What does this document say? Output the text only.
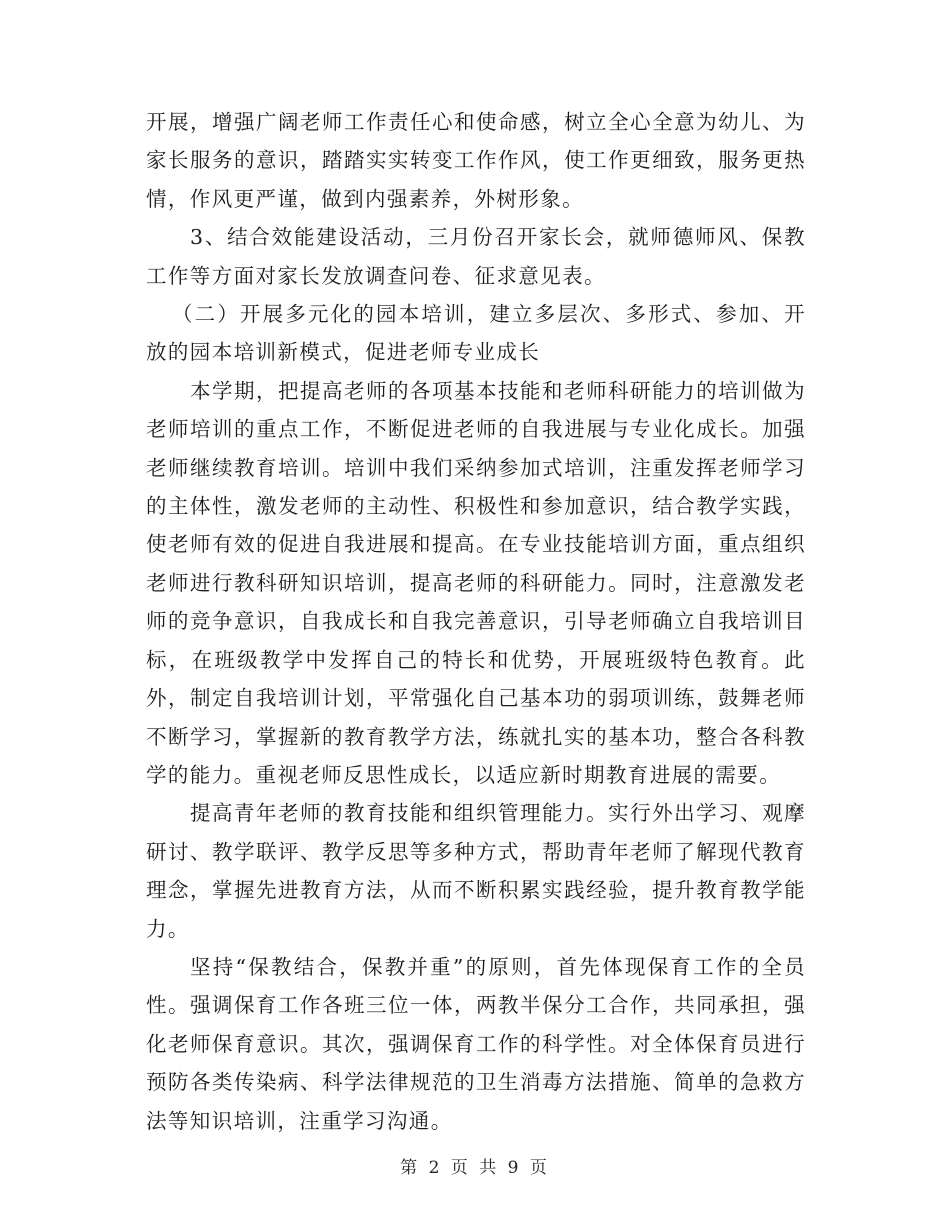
开展，增强广阔老师工作责任心和使命感，树立全心全意为幼儿、为家长服务的意识，踏踏实实转变工作作风，使工作更细致，服务更热情，作风更严谨，做到内强素养，外树形象。

3、结合效能建设活动，三月份召开家长会，就师德师风、保教工作等方面对家长发放调查问卷、征求意见表。

（二）开展多元化的园本培训，建立多层次、多形式、参加、开放的园本培训新模式，促进老师专业成长

本学期，把提高老师的各项基本技能和老师科研能力的培训做为老师培训的重点工作，不断促进老师的自我进展与专业化成长。加强老师继续教育培训。培训中我们采纳参加式培训，注重发挥老师学习的主体性，激发老师的主动性、积极性和参加意识，结合教学实践，使老师有效的促进自我进展和提高。在专业技能培训方面，重点组织老师进行教科研知识培训，提高老师的科研能力。同时，注意激发老师的竞争意识，自我成长和自我完善意识，引导老师确立自我培训目标，在班级教学中发挥自己的特长和优势，开展班级特色教育。此外，制定自我培训计划，平常强化自己基本功的弱项训练，鼓舞老师不断学习，掌握新的教育教学方法，练就扎实的基本功，整合各科教学的能力。重视老师反思性成长，以适应新时期教育进展的需要。

提高青年老师的教育技能和组织管理能力。实行外出学习、观摩研讨、教学联评、教学反思等多种方式，帮助青年老师了解现代教育理念，掌握先进教育方法，从而不断积累实践经验，提升教育教学能力。

坚持“保教结合，保教并重”的原则，首先体现保育工作的全员性。强调保育工作各班三位一体，两教半保分工合作，共同承担，强化老师保育意识。其次，强调保育工作的科学性。对全体保育员进行预防各类传染病、科学法律规范的卫生消毒方法措施、简单的急救方法等知识培训，注重学习沟通。

第 2 页 共 9 页
